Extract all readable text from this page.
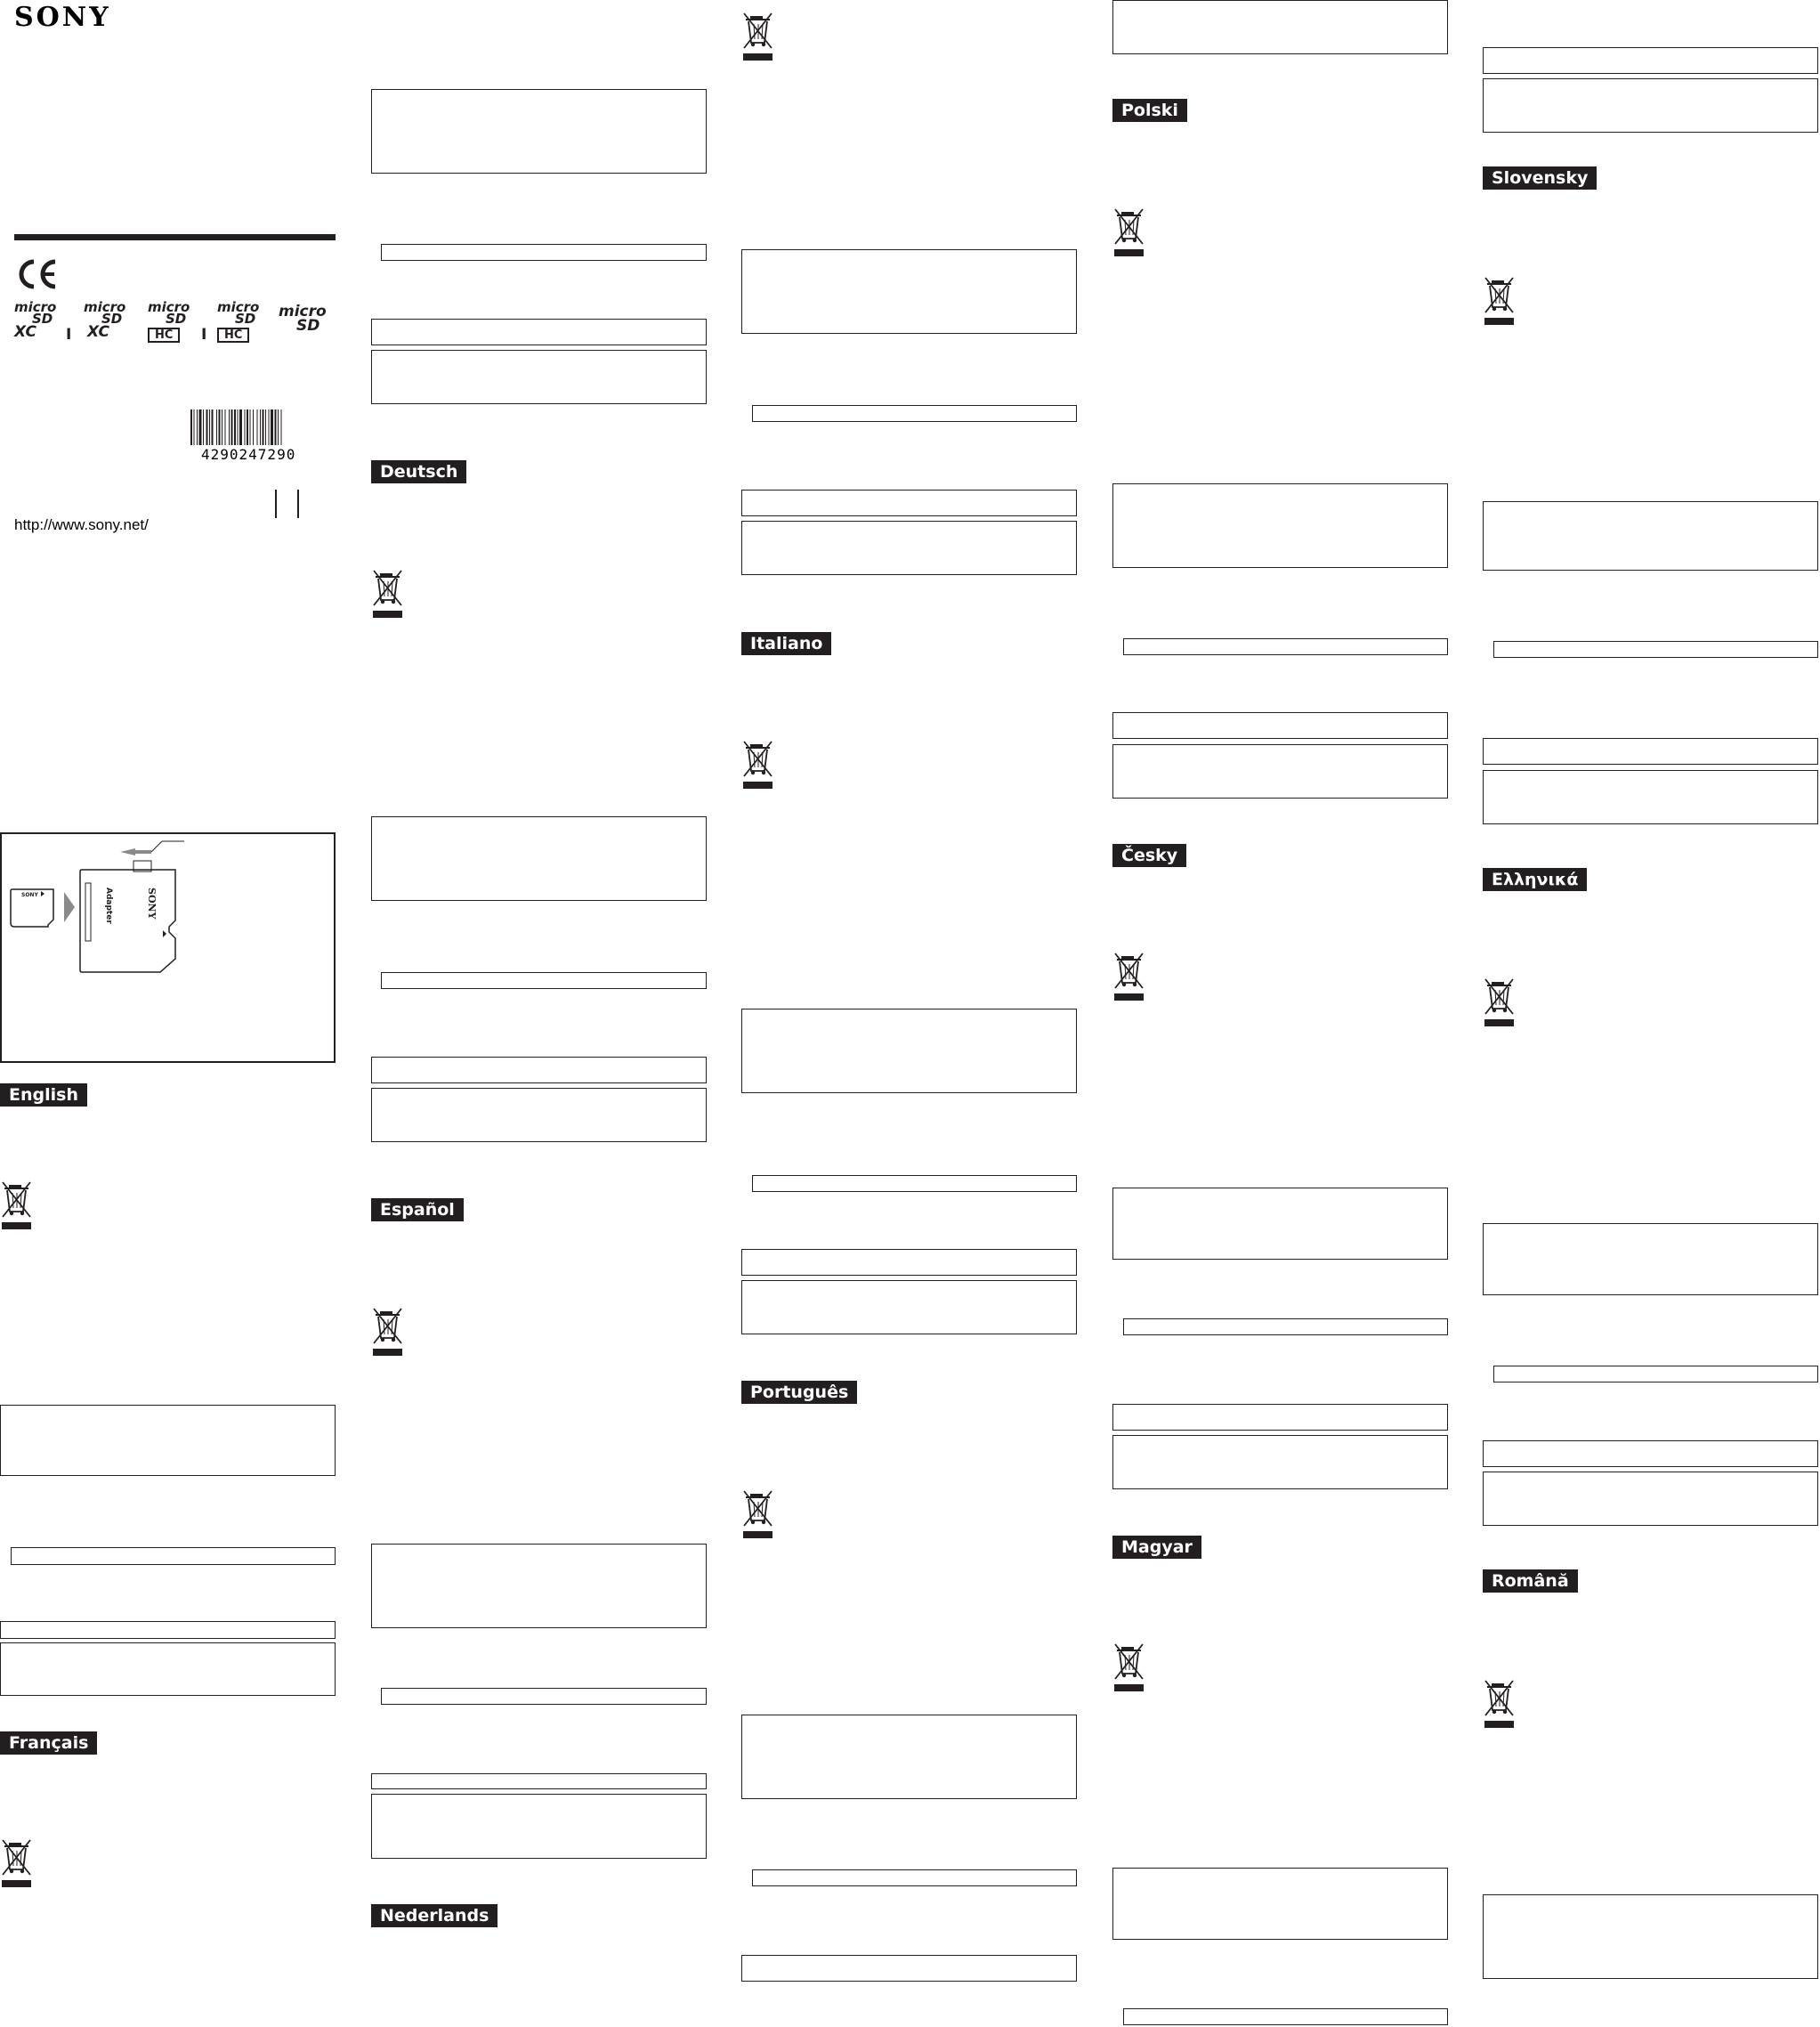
SONY
micro
SD
XC	I
micro
SD
XC
micro
SD
HC I
micro
SD
HC
micro
SD
4290247290
http://www.sony.net/
SONY	SONY
Adapter
English
Français
Deutsch
Español
Nederlands
Italiano
Português
Polski
Česky
Magyar
Slovensky
Ελληνικά
Română
